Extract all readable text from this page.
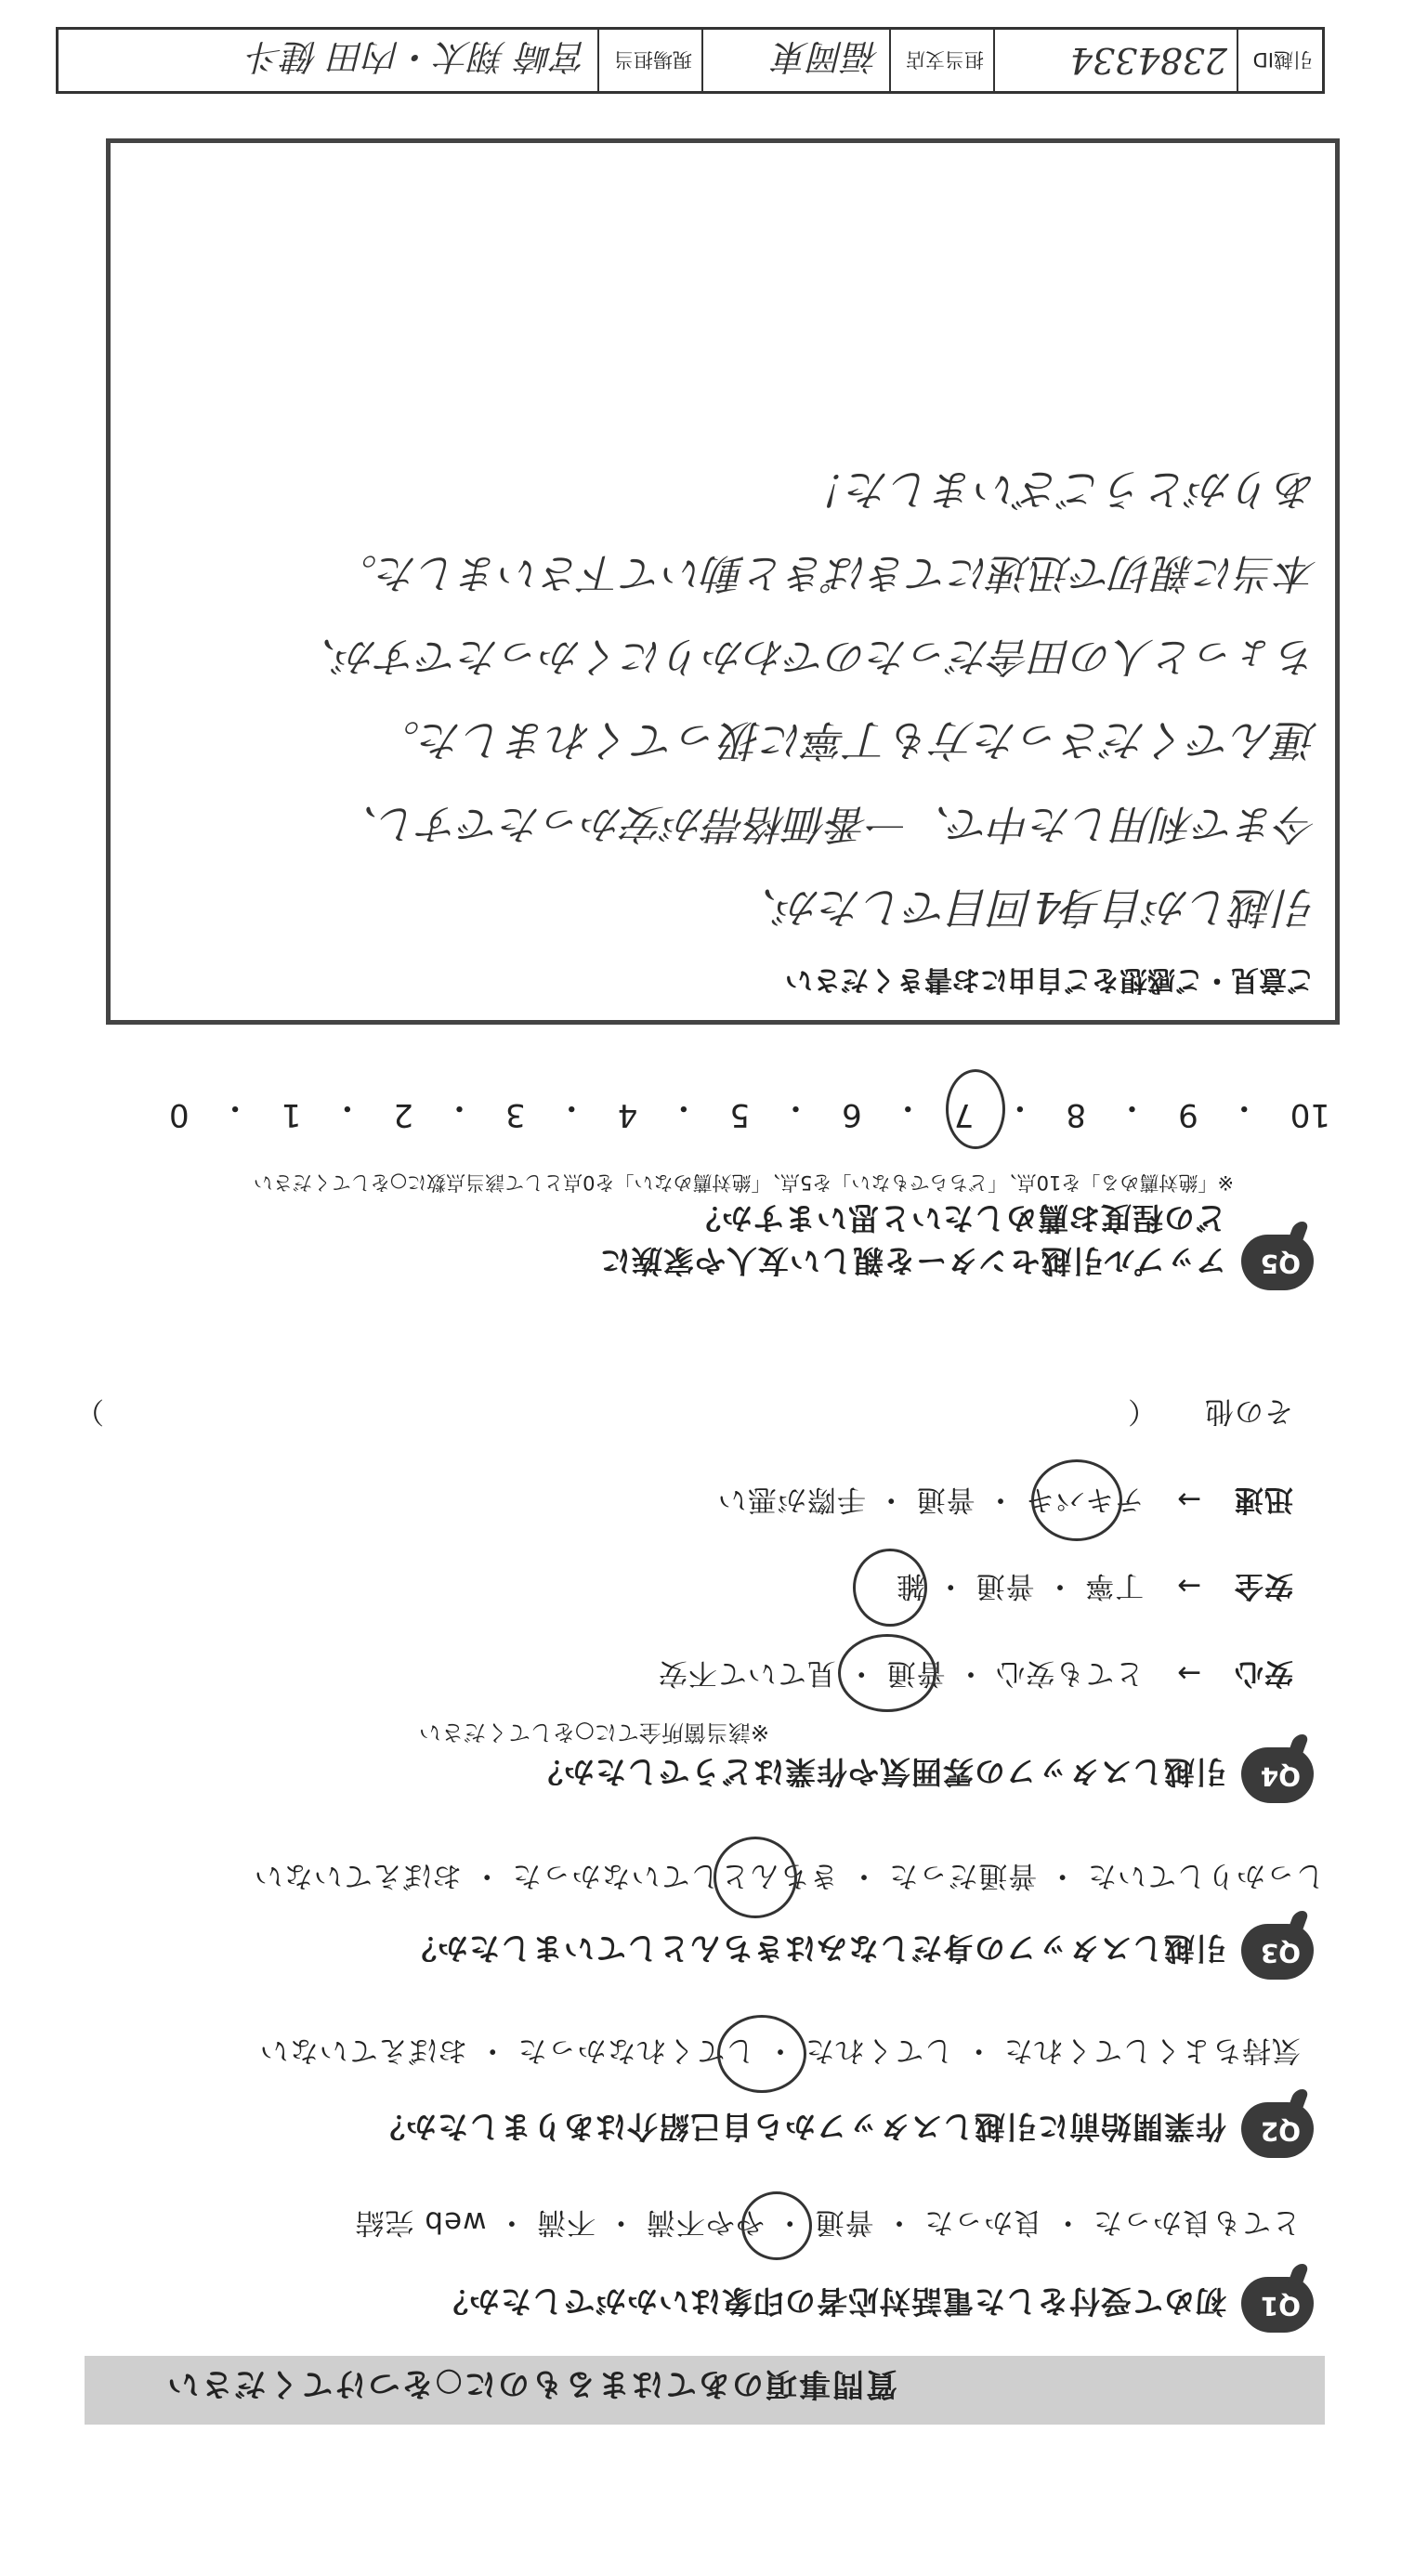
質問事項のあてはまるものに○をつけてください
Q1
初めて受付をした電話対応者の印象はいかがでしたか？
とても良かった ・ 良かった ・ 普通 ・ やや不満 ・ 不満 ・ web 完結
Q2
作業開始前に引越しスタッフから自己紹介はありましたか？
気持ちよくしてくれた ・ してくれた ・ してくれなかった ・ おぼえていない
Q3
引越しスタッフの身だしなみはきちんとしていましたか？
しっかりしていた ・ 普通だった ・ きちんとしていなかった ・ おぼえていない
Q4
引越しスタッフの雰囲気や作業はどうでしたか？
※該当箇所全てに○をしてください
安心 → とても安心 ・ 普通 ・ 見ていて不安
安全 → 丁寧 ・ 普通 ・ 雑
迅速 → テキパキ ・ 普通 ・ 手際が悪い
その他 （
）
Q5
アップル引越センターを親しい友人や家族に
どの程度お薦めしたいと思いますか？
※「絶対薦める」を10点、「どちらでもない」を5点、「絶対薦めない」を0点として該当点数に○をしてください
10
・
9
・
8
・
7
・
6
・
5
・
4
・
3
・
2
・
1
・
0
ご意見・ご感想をご自由にお書きください
引越しが自身4回目でしたが、
今まで利用した中で、一番価格帯が安かったですし、
運んでくださった方も丁寧に扱ってくれました。
ちょっと人の田舎だったのでわかりにくかったですが、
本当に親切で迅速にてきぱきと動いて下さいました。
ありがとうございました！
引越ID
2384334
担当支店
福岡東
現場担当
宮崎 翔太・内田 健斗
